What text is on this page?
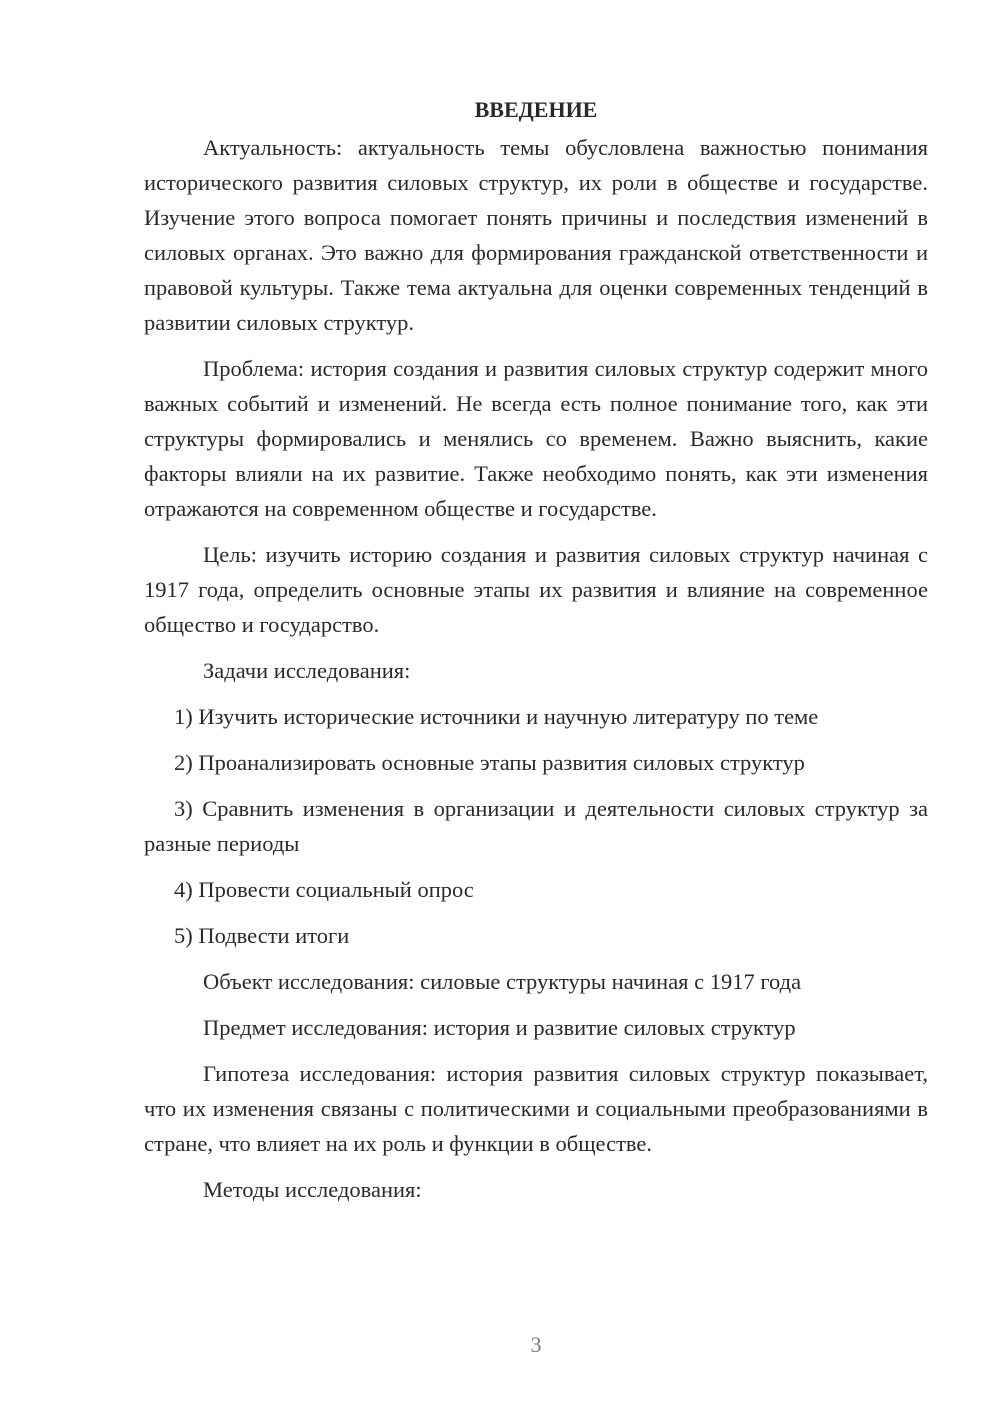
ВВЕДЕНИЕ

Актуальность: актуальность темы обусловлена важностью понимания исторического развития силовых структур, их роли в обществе и государстве. Изучение этого вопроса помогает понять причины и последствия изменений в силовых органах. Это важно для формирования гражданской ответственности и правовой культуры. Также тема актуальна для оценки современных тенденций в развитии силовых структур.

Проблема: история создания и развития силовых структур содержит много важных событий и изменений. Не всегда есть полное понимание того, как эти структуры формировались и менялись со временем. Важно выяснить, какие факторы влияли на их развитие. Также необходимо понять, как эти изменения отражаются на современном обществе и государстве.

Цель: изучить историю создания и развития силовых структур начиная с 1917 года, определить основные этапы их развития и влияние на современное общество и государство.

Задачи исследования:

1) Изучить исторические источники и научную литературу по теме

2) Проанализировать основные этапы развития силовых структур

3) Сравнить изменения в организации и деятельности силовых структур за разные периоды

4) Провести социальный опрос

5) Подвести итоги

Объект исследования: силовые структуры начиная с 1917 года

Предмет исследования: история и развитие силовых структур

Гипотеза исследования: история развития силовых структур показывает, что их изменения связаны с политическими и социальными преобразованиями в стране, что влияет на их роль и функции в обществе.

Методы исследования:

3
